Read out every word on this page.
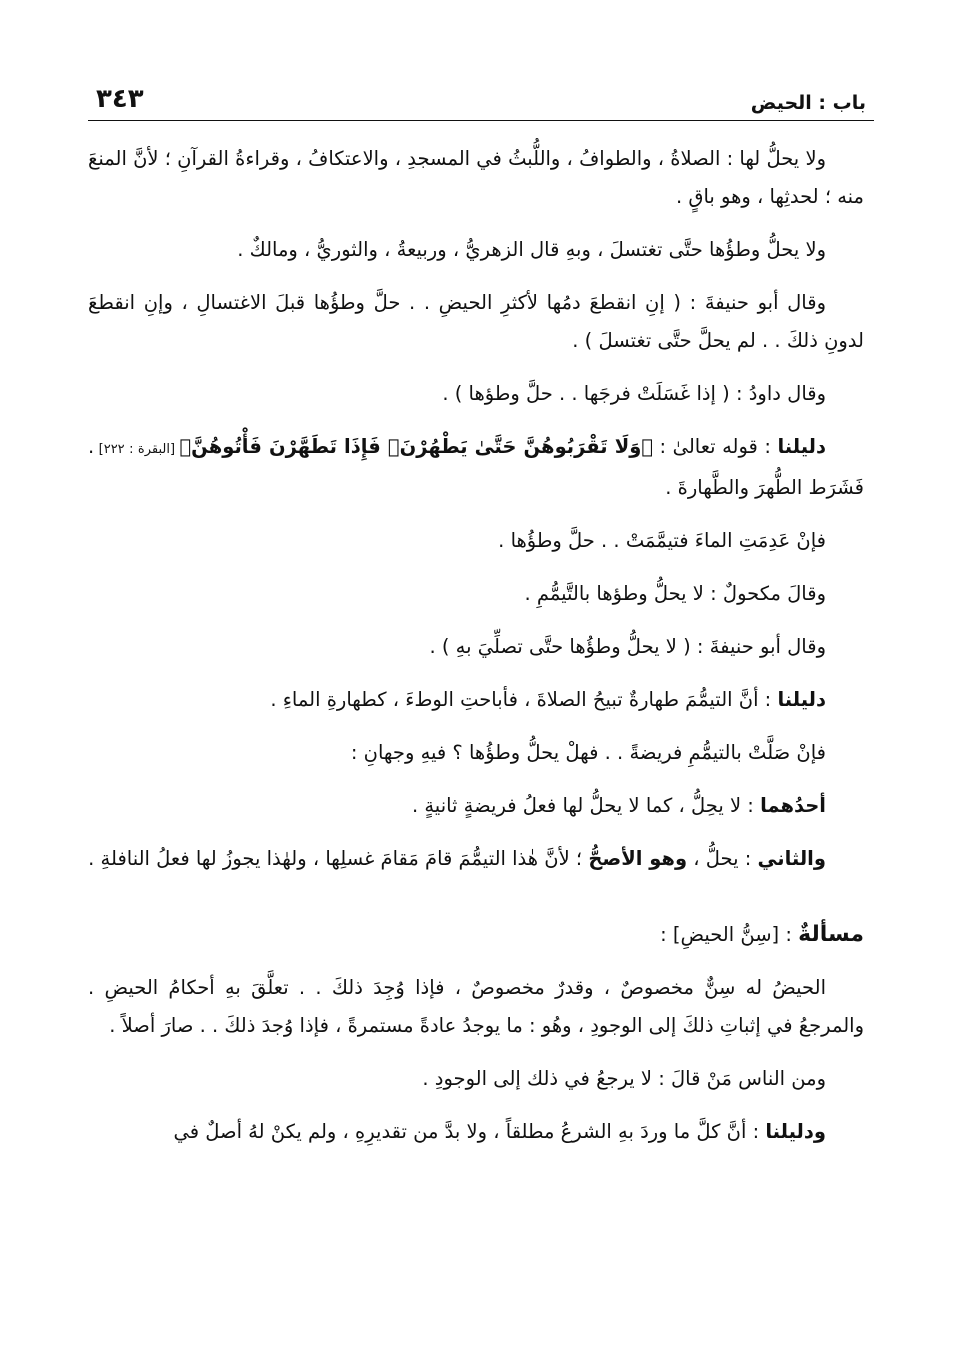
باب : الحيض
٣٤٣

ولا يحلُّ لها : الصلاةُ ، والطوافُ ، واللُّبثُ في المسجدِ ، والاعتكافُ ، وقراءةُ القرآنِ ؛ لأنَّ المنعَ منه ؛ لحدثِها ، وهو باقٍ .

ولا يحلُّ وطؤُها حتَّى تغتسلَ ، وبهِ قال الزهريُّ ، وربيعةُ ، والثوريُّ ، ومالكٌ .

وقال أبو حنيفةَ : ( إنِ انقطعَ دمُها لأكثرِ الحيضِ . . حلَّ وطؤُها قبلَ الاغتسالِ ، وإنِ انقطعَ لدونِ ذلكَ . . لم يحلَّ حتَّى تغتسلَ ) .

وقال داودُ : ( إذا غَسَلَتْ فرجَها . . حلَّ وطؤها ) .

دليلنا : قوله تعالىٰ : ﴿وَلَا تَقْرَبُوهُنَّ حَتَّىٰ يَطْهُرْنَۖ فَإِذَا تَطَهَّرْنَ فَأْتُوهُنَّ﴾ [البقرة : ٢٢٢] . فَشَرَط الطُّهرَ والطَّهارةَ .

فإنْ عَدِمَتِ الماءَ فتيمَّمَتْ . . حلَّ وطؤُها .

وقالَ مكحولٌ : لا يحلُّ وطؤها بالتَّيمُّمِ .

وقال أبو حنيفةَ : ( لا يحلُّ وطؤُها حتَّى تصلِّيَ بهِ ) .

دليلنا : أنَّ التيمُّمَ طهارةٌ تبيحُ الصلاةَ ، فأباحتِ الوطءَ ، كطهارةِ الماءِ .

فإنْ صَلَّتْ بالتيمُّمِ فريضةً . . فهلْ يحلُّ وطؤُها ؟ فيهِ وجهانِ :

أحدُهما : لا يحِلُّ ، كما لا يحلُّ لها فعلُ فريضةٍ ثانيةٍ .

والثاني : يحلُّ ، وهو الأصحُّ ؛ لأنَّ هٰذا التيمُّمَ قامَ مَقامَ غسلِها ، ولهٰذا يجوزُ لها فعلُ النافلةِ .

مسألةٌ : [سِنُّ الحيضِ] :

الحيضُ له سِنٌّ مخصوصٌ ، وقدرٌ مخصوصٌ ، فإذا وُجِدَ ذلكَ . . تعلَّقَ بهِ أحكامُ الحيضِ . والمرجعُ في إثباتِ ذلكَ إلى الوجودِ ، وهُو : ما يوجدُ عادةً مستمرةً ، فإذا وُجدَ ذلكَ . . صارَ أصلاً .

ومن الناس مَنْ قالَ : لا يرجعُ في ذلك إلى الوجودِ .

ودليلنا : أنَّ كلَّ ما وردَ بهِ الشرعُ مطلقاً ، ولا بدَّ من تقديرِهِ ، ولم يكنْ لهُ أصلٌ في
